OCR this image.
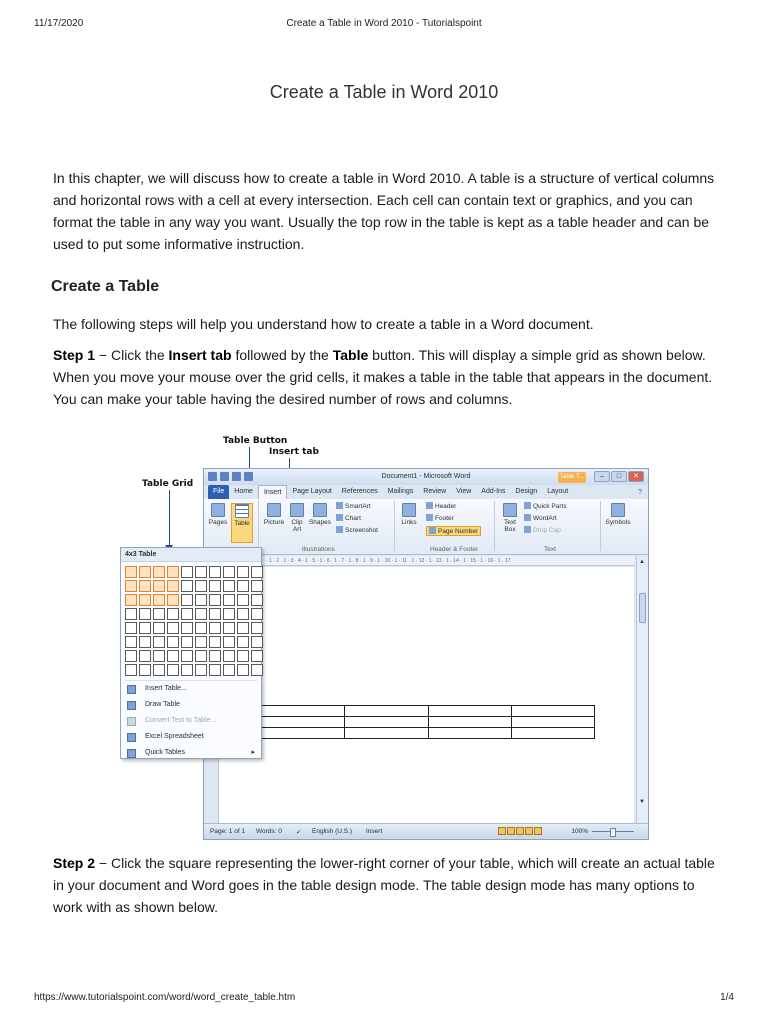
11/17/2020	Create a Table in Word 2010 - Tutorialspoint
Create a Table in Word 2010

In this chapter, we will discuss how to create a table in Word 2010. A table is a structure of vertical columns and horizontal rows with a cell at every intersection. Each cell can contain text or graphics, and you can format the table in any way you want. Usually the top row in the table is kept as a table header and can be used to put some informative instruction.

Create a Table

The following steps will help you understand how to create a table in a Word document.

Step 1 − Click the Insert tab followed by the Table button. This will display a simple grid as shown below. When you move your mouse over the grid cells, it makes a table in the table that appears in the document. You can make your table having the desired number of rows and columns.

Table Button
Insert tab
Table Grid
Document1 - Microsoft Word	Table T...	–	□	✕
File	Home	Insert	Page Layout	References	Mailings	Review	View	Add-Ins	Design	Layout	?
Pages	Table	Picture	Clip Art
Shapes
SmartArt
Chart
Screenshot
Illustrations
Links
Header
Footer
Page Number
Header & Footer
Text Box
Quick Parts
WordArt
Drop Cap
Text
Symbols
· 1 · 2 · 1 · 3 · 4 · 1 · 5 · 1 · 6 · 1 · 7 · 1 · 8 · 1 · 9 · 1 · 10 · 1 · 11 · 1 · 12 · 1 · 13 · 1 · 14 · 1 · 15 · 1 · 16 · 1 · 17

				▲
▼
Page: 1 of 1 Words: 0 ✓ English (U.S.) Insert	100%
4x3 Table
Insert Table...
Draw Table
Convert Text to Table...
Excel Spreadsheet
Quick Tables	▸

Step 2 − Click the square representing the lower-right corner of your table, which will create an actual table in your document and Word goes in the table design mode. The table design mode has many options to work with as shown below.

https://www.tutorialspoint.com/word/word_create_table.htm	1/4
